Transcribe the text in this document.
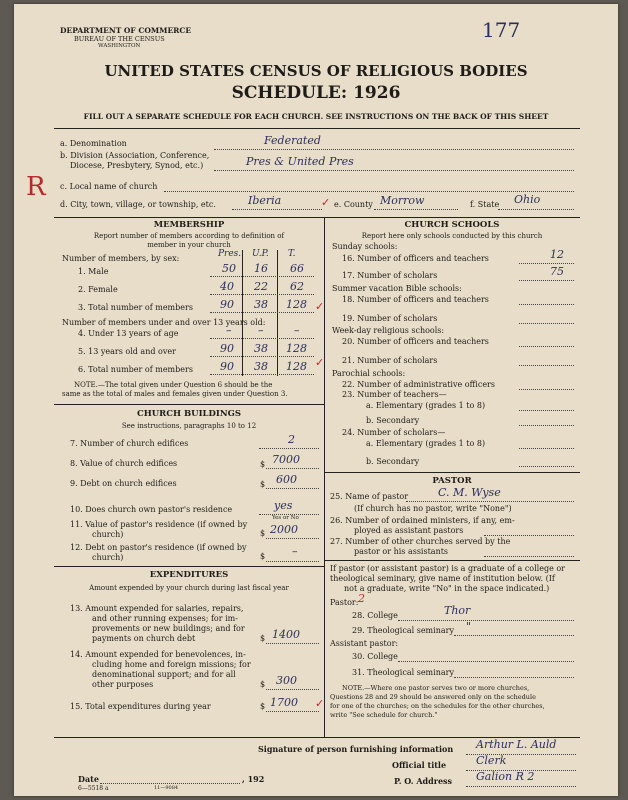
DEPARTMENT OF COMMERCE
BUREAU OF THE CENSUS
WASHINGTON
177
UNITED STATES CENSUS OF RELIGIOUS BODIES
SCHEDULE: 1926
FILL OUT A SEPARATE SCHEDULE FOR EACH CHURCH. SEE INSTRUCTIONS ON THE BACK OF THIS SHEET
a. Denomination	Federated
b. Division (Association, Conference,
Diocese, Presbytery, Synod, etc.)	Pres & United Pres
R c. Local name of church
d. City, town, village, or township, etc.	Iberia	✓ e. County Morrow	f. State Ohio
MEMBERSHIP
Report number of members according to definition of
member in your church
Number of members, by sex:	Pres. U.P. T.
1. Male	50 16 66
2. Female	40 22 62
3. Total number of members 90 38 128 ✓
Number of members under and over 13 years old:
4. Under 13 years of age	– –	–
5. 13 years old and over	90 38 128
6. Total number of members 90 38 128 ✓
NOTE.—The total given under Question 6 should be the
same as the total of males and females given under Question 3.
CHURCH BUILDINGS
See instructions, paragraphs 10 to 12
7. Number of church edifices	2
8. Value of church edifices	$ 7000
9. Debt on church edifices	$ 600
10. Does church own pastor's residence	yes
Yes or No
11. Value of pastor's residence (if owned by
church)	$ 2000
12. Debt on pastor's residence (if owned by
church)	$ –
EXPENDITURES
Amount expended by your church during last fiscal year
13. Amount expended for salaries, repairs,
and other running expenses; for im-
provements or new buildings; and for
payments on church debt	$ 1400
14. Amount expended for benevolences, in-
cluding home and foreign missions; for
denominational support; and for all
other purposes	$ 300
15. Total expenditures during year	$ 1700 ✓
CHURCH SCHOOLS
Report here only schools conducted by this church
Sunday schools:
16. Number of officers and teachers	12
17. Number of scholars	75
Summer vacation Bible schools:
18. Number of officers and teachers
19. Number of scholars
Week-day religious schools:
20. Number of officers and teachers
21. Number of scholars
Parochial schools:
22. Number of administrative officers
23. Number of teachers—
a. Elementary (grades 1 to 8)
b. Secondary
24. Number of scholars—
a. Elementary (grades 1 to 8)
b. Secondary
PASTOR
25. Name of pastor	C. M. Wyse
(If church has no pastor, write "None")
26. Number of ordained ministers, if any, em-
ployed as assistant pastors
27. Number of other churches served by the
pastor or his assistants
If pastor (or assistant pastor) is a graduate of a college or
theological seminary, give name of institution below. (If
not a graduate, write "No" in the space indicated.)
Pastor: 2
28. College	Thor
29. Theological seminary "
Assistant pastor:
30. College
31. Theological seminary
NOTE.—Where one pastor serves two or more churches,
Questions 28 and 29 should be answered only on the schedule
for one of the churches; on the schedules for the other churches,
write "See schedule for church."
Signature of person furnishing information Arthur L. Auld
Official title	Clerk
Date	, 192	P. O. Address Galion R 2
6—5518 a	11—9084
